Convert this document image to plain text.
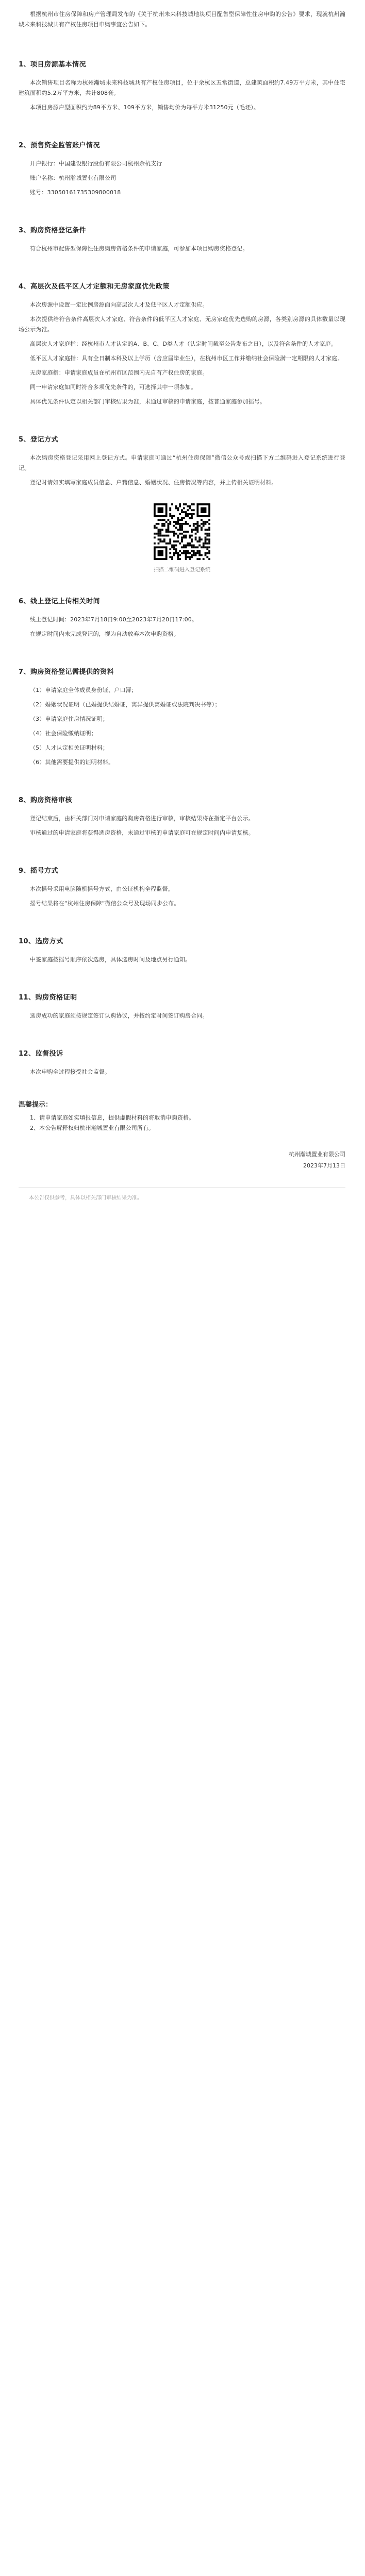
根据杭州市住房保障和房产管理局发布的《关于杭州未来科技城地块项目配售型保障性住房申购的公告》要求，现就杭州瀚城未来科技城共有产权住房项目申购事宜公告如下。

1、项目房源基本情况

本次销售项目名称为杭州瀚城未来科技城共有产权住房项目，位于余杭区五常街道，总建筑面积约7.49万平方米，其中住宅建筑面积约5.2万平方米，共计808套。

本项目房源户型面积约为89平方米、109平方米，销售均价为每平方米31250元（毛坯）。

2、预售资金监管账户情况

开户银行：中国建设银行股份有限公司杭州余杭支行

账户名称：杭州瀚城置业有限公司

账号：33050161735309800018

3、购房资格登记条件

符合杭州市配售型保障性住房购房资格条件的申请家庭，可参加本项目购房资格登记。

4、高层次及低平区人才定额和无房家庭优先政策

本次房源中设置一定比例房源面向高层次人才及低平区人才定额供应。

本次提供给符合条件高层次人才家庭、符合条件的低平区人才家庭、无房家庭优先选购的房源，各类别房源的具体数量以现场公示为准。

高层次人才家庭指：经杭州市人才认定的A、B、C、D类人才（认定时间截至公告发布之日），以及符合条件的人才家庭。

低平区人才家庭指：具有全日制本科及以上学历（含应届毕业生），在杭州市区工作并缴纳社会保险满一定期限的人才家庭。

无房家庭指：申请家庭成员在杭州市区范围内无自有产权住房的家庭。

同一申请家庭如同时符合多项优先条件的，可选择其中一项参加。

具体优先条件认定以相关部门审核结果为准，未通过审核的申请家庭，按普通家庭参加摇号。

5、登记方式

本次购房资格登记采用网上登记方式。申请家庭可通过“杭州住房保障”微信公众号或扫描下方二维码进入登记系统进行登记。

登记时请如实填写家庭成员信息、户籍信息、婚姻状况、住房情况等内容，并上传相关证明材料。

扫描二维码进入登记系统
6、线上登记上传相关时间

线上登记时间：2023年7月18日9:00至2023年7月20日17:00。

在规定时间内未完成登记的，视为自动放弃本次申购资格。

7、购房资格登记需提供的资料

（1）申请家庭全体成员身份证、户口簿；

（2）婚姻状况证明（已婚提供结婚证，离异提供离婚证或法院判决书等）；

（3）申请家庭住房情况证明；

（4）社会保险缴纳证明；

（5）人才认定相关证明材料；

（6）其他需要提供的证明材料。

8、购房资格审核

登记结束后，由相关部门对申请家庭的购房资格进行审核，审核结果将在指定平台公示。

审核通过的申请家庭将获得选房资格，未通过审核的申请家庭可在规定时间内申请复核。

9、摇号方式

本次摇号采用电脑随机摇号方式，由公证机构全程监督。

摇号结果将在“杭州住房保障”微信公众号及现场同步公布。

10、选房方式

中签家庭按摇号顺序依次选房，具体选房时间及地点另行通知。

11、购房资格证明

选房成功的家庭须按规定签订认购协议，并按约定时间签订购房合同。

12、监督投诉

本次申购全过程接受社会监督。

温馨提示：

1、请申请家庭如实填报信息，提供虚假材料的将取消申购资格。

2、本公告解释权归杭州瀚城置业有限公司所有。

杭州瀚城置业有限公司
2023年7月13日
本公告仅供参考，具体以相关部门审核结果为准。
